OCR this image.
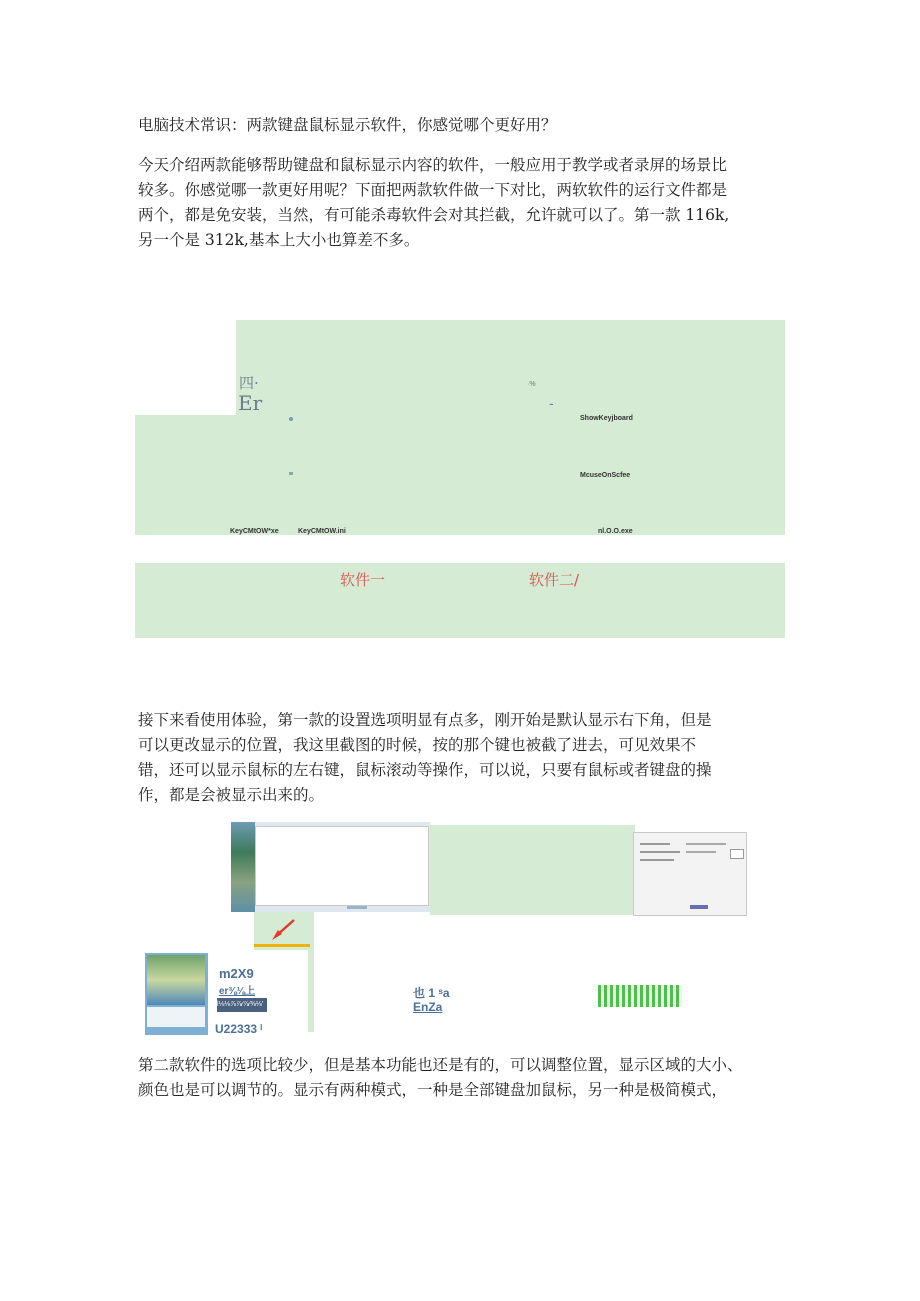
电脑技术常识：两款键盘鼠标显示软件，你感觉哪个更好用？

今天介绍两款能够帮助键盘和鼠标显示内容的软件，一般应用于教学或者录屏的场景比
较多。你感觉哪一款更好用呢？下面把两款软件做一下对比，两软软件的运行文件都是
两个，都是免安装，当然，有可能杀毒软件会对其拦截，允许就可以了。第一款 116k,
另一个是 312k,基本上大小也算差不多。

四·
Er
·%
-
ShowKeyjboard
McuseOnScfee
KeyCMtOW*xe	KeyCMtOW.ini	nl.O.O.exe
软件一	软件二/

接下来看使用体验，第一款的设置选项明显有点多，刚开始是默认显示右下角，但是
可以更改显示的位置，我这里截图的时候，按的那个键也被截了进去，可见效果不
错，还可以显示鼠标的左右键，鼠标滚动等操作，可以说，只要有鼠标或者键盘的操
作，都是会被显示出来的。

m2X9
er⅜⅛上
l⅛⅛⅞⅞∕⅞⁄⅜⅛'
U22333 ˡ
也 1 ˢa
EnZa

第二款软件的选项比较少，但是基本功能也还是有的，可以调整位置，显示区域的大小、
颜色也是可以调节的。显示有两种模式，一种是全部键盘加鼠标，另一种是极简模式，
